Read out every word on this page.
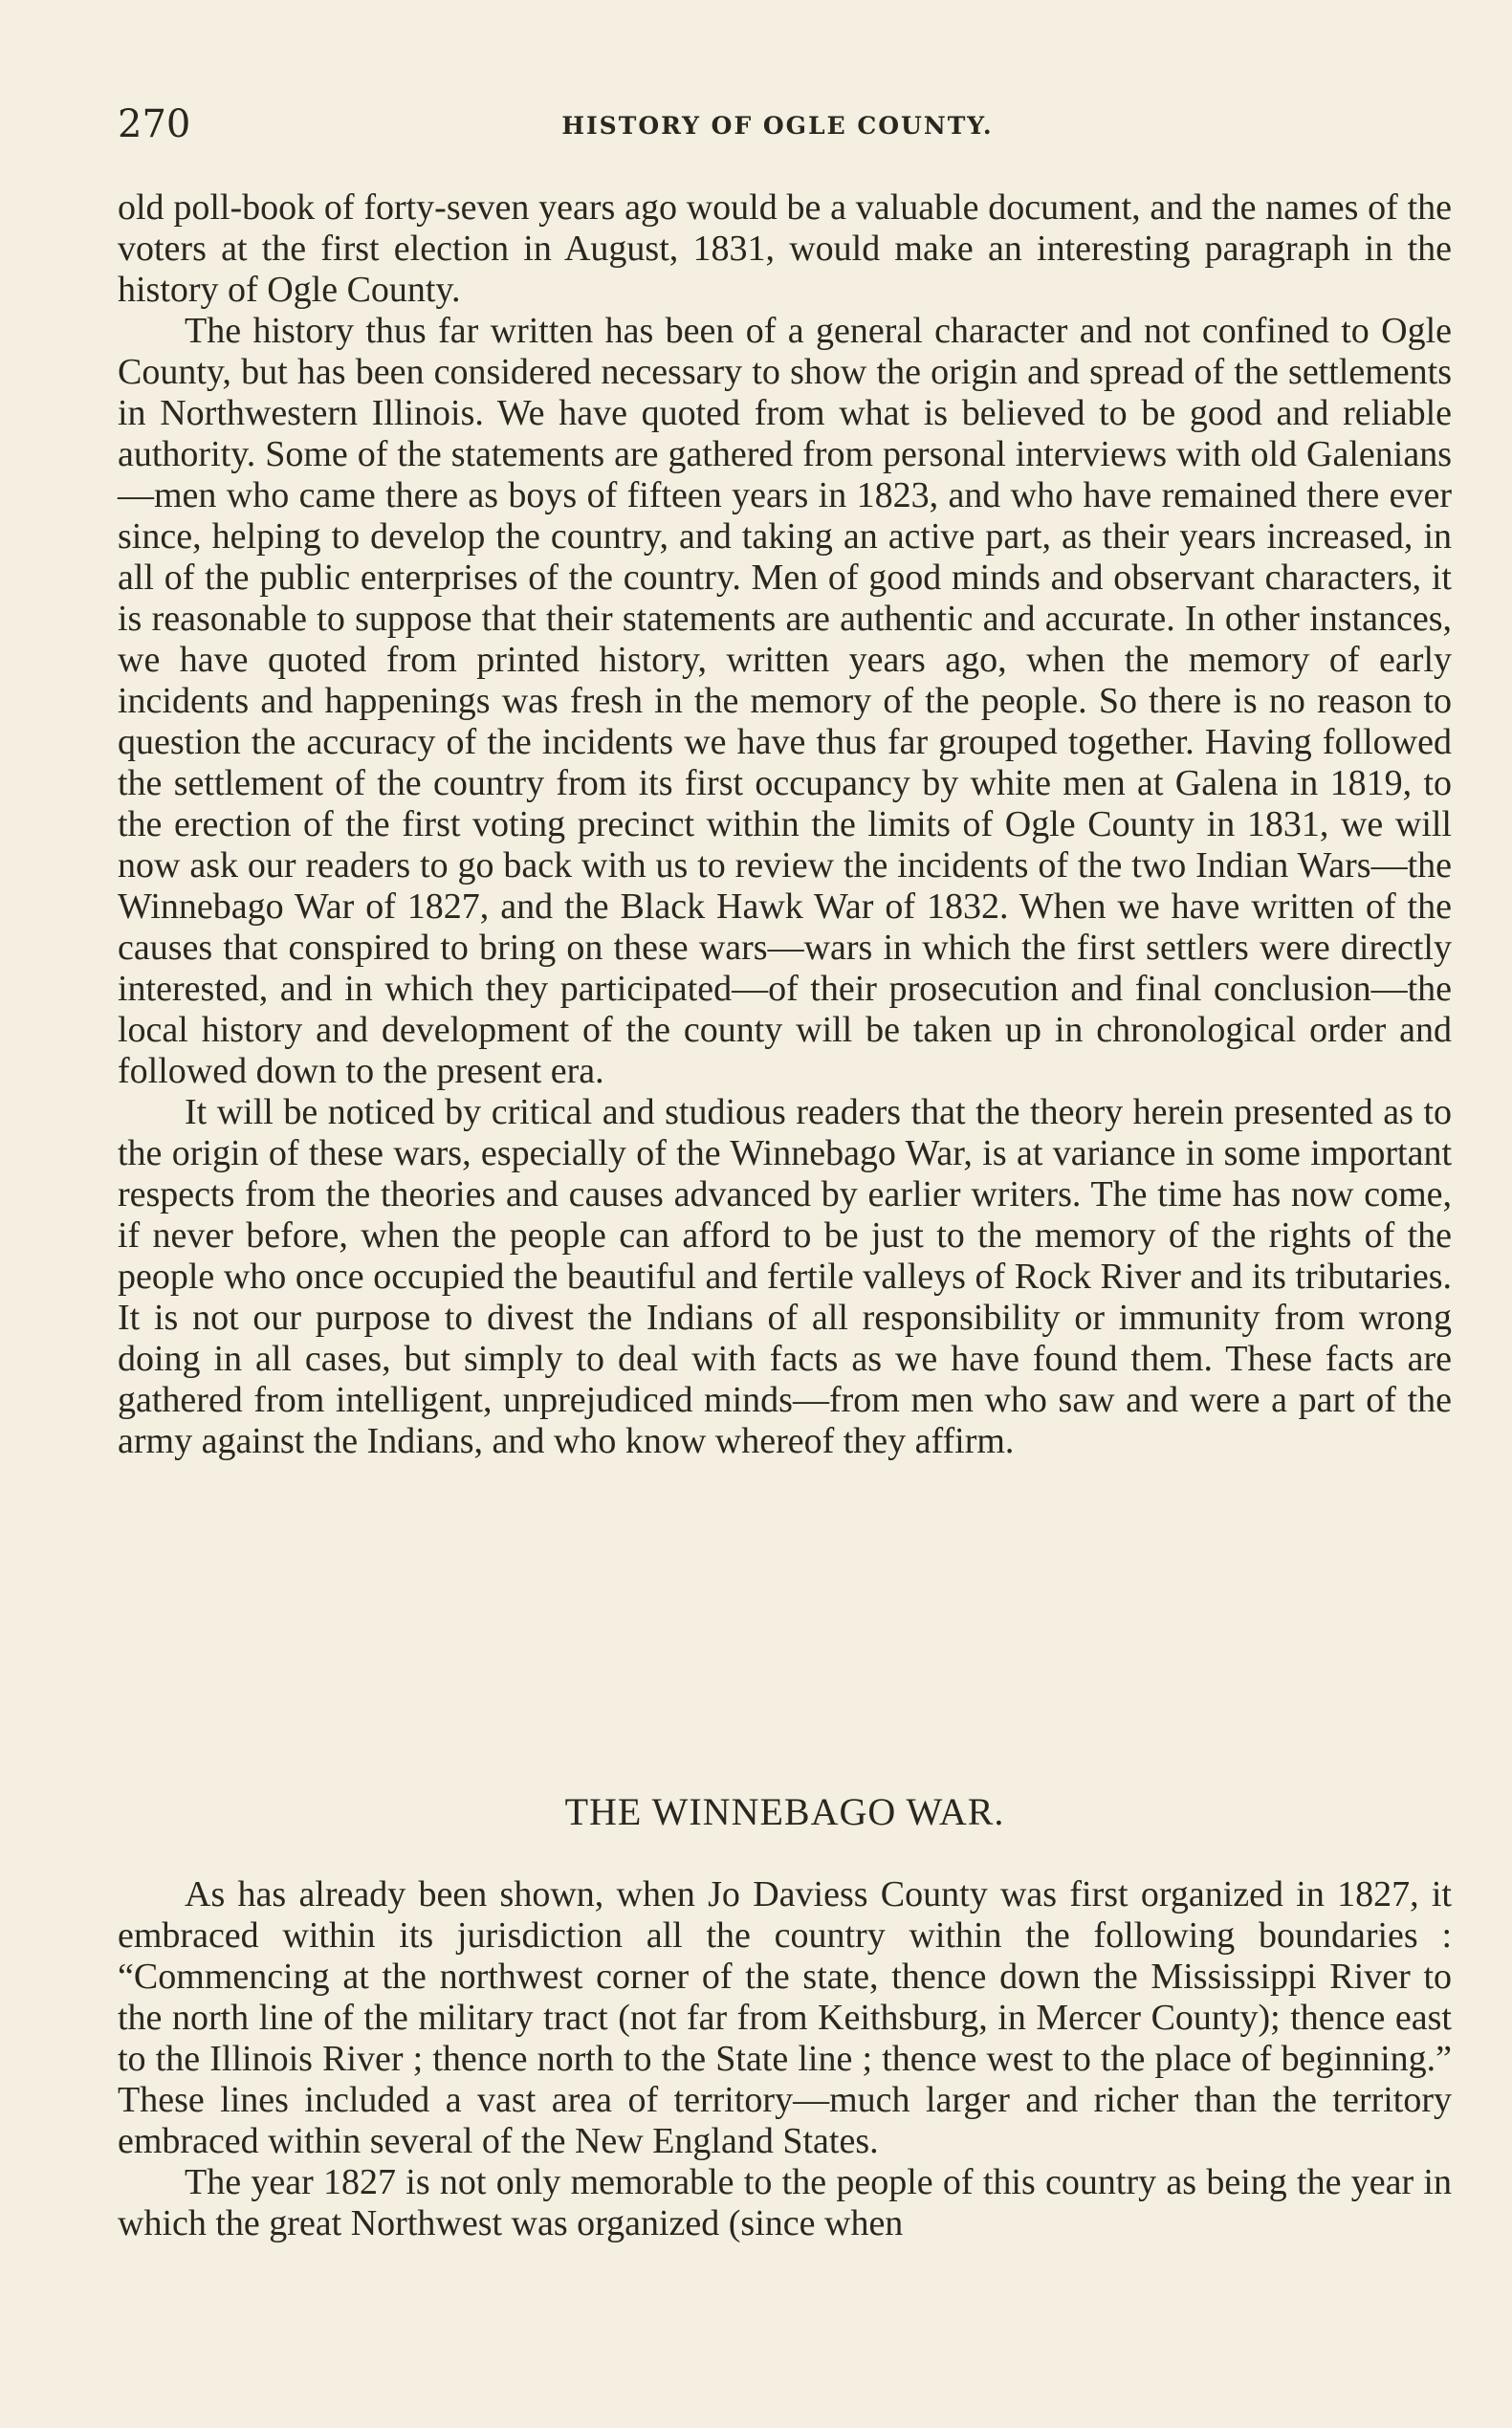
270	HISTORY OF OGLE COUNTY.

old poll-book of forty-seven years ago would be a valuable document, and the names of the voters at the first election in August, 1831, would make an interesting paragraph in the history of Ogle County.

The history thus far written has been of a general character and not confined to Ogle County, but has been considered necessary to show the origin and spread of the settlements in Northwestern Illinois. We have quoted from what is believed to be good and reliable authority. Some of the statements are gathered from personal interviews with old Galenians—men who came there as boys of fifteen years in 1823, and who have remained there ever since, helping to develop the country, and taking an active part, as their years increased, in all of the public enterprises of the country. Men of good minds and observant characters, it is reasonable to suppose that their statements are authentic and accurate. In other instances, we have quoted from printed history, written years ago, when the memory of early incidents and happenings was fresh in the memory of the people. So there is no reason to question the accuracy of the incidents we have thus far grouped together. Having followed the settlement of the country from its first occupancy by white men at Galena in 1819, to the erection of the first voting precinct within the limits of Ogle County in 1831, we will now ask our readers to go back with us to review the incidents of the two Indian Wars—the Winnebago War of 1827, and the Black Hawk War of 1832. When we have written of the causes that conspired to bring on these wars—wars in which the first settlers were directly interested, and in which they participated—of their prosecution and final conclusion—the local history and development of the county will be taken up in chronological order and followed down to the present era.

It will be noticed by critical and studious readers that the theory herein presented as to the origin of these wars, especially of the Winnebago War, is at variance in some important respects from the theories and causes advanced by earlier writers. The time has now come, if never before, when the people can afford to be just to the memory of the rights of the people who once occupied the beautiful and fertile valleys of Rock River and its tributaries. It is not our purpose to divest the Indians of all responsibility or immunity from wrong doing in all cases, but simply to deal with facts as we have found them. These facts are gathered from intelligent, unprejudiced minds—from men who saw and were a part of the army against the Indians, and who know whereof they affirm.

THE WINNEBAGO WAR.

As has already been shown, when Jo Daviess County was first organized in 1827, it embraced within its jurisdiction all the country within the following boundaries : “Commencing at the northwest corner of the state, thence down the Mississippi River to the north line of the military tract (not far from Keithsburg, in Mercer County); thence east to the Illinois River ; thence north to the State line ; thence west to the place of beginning.” These lines included a vast area of territory—much larger and richer than the territory embraced within several of the New England States.

The year 1827 is not only memorable to the people of this country as being the year in which the great Northwest was organized (since when
